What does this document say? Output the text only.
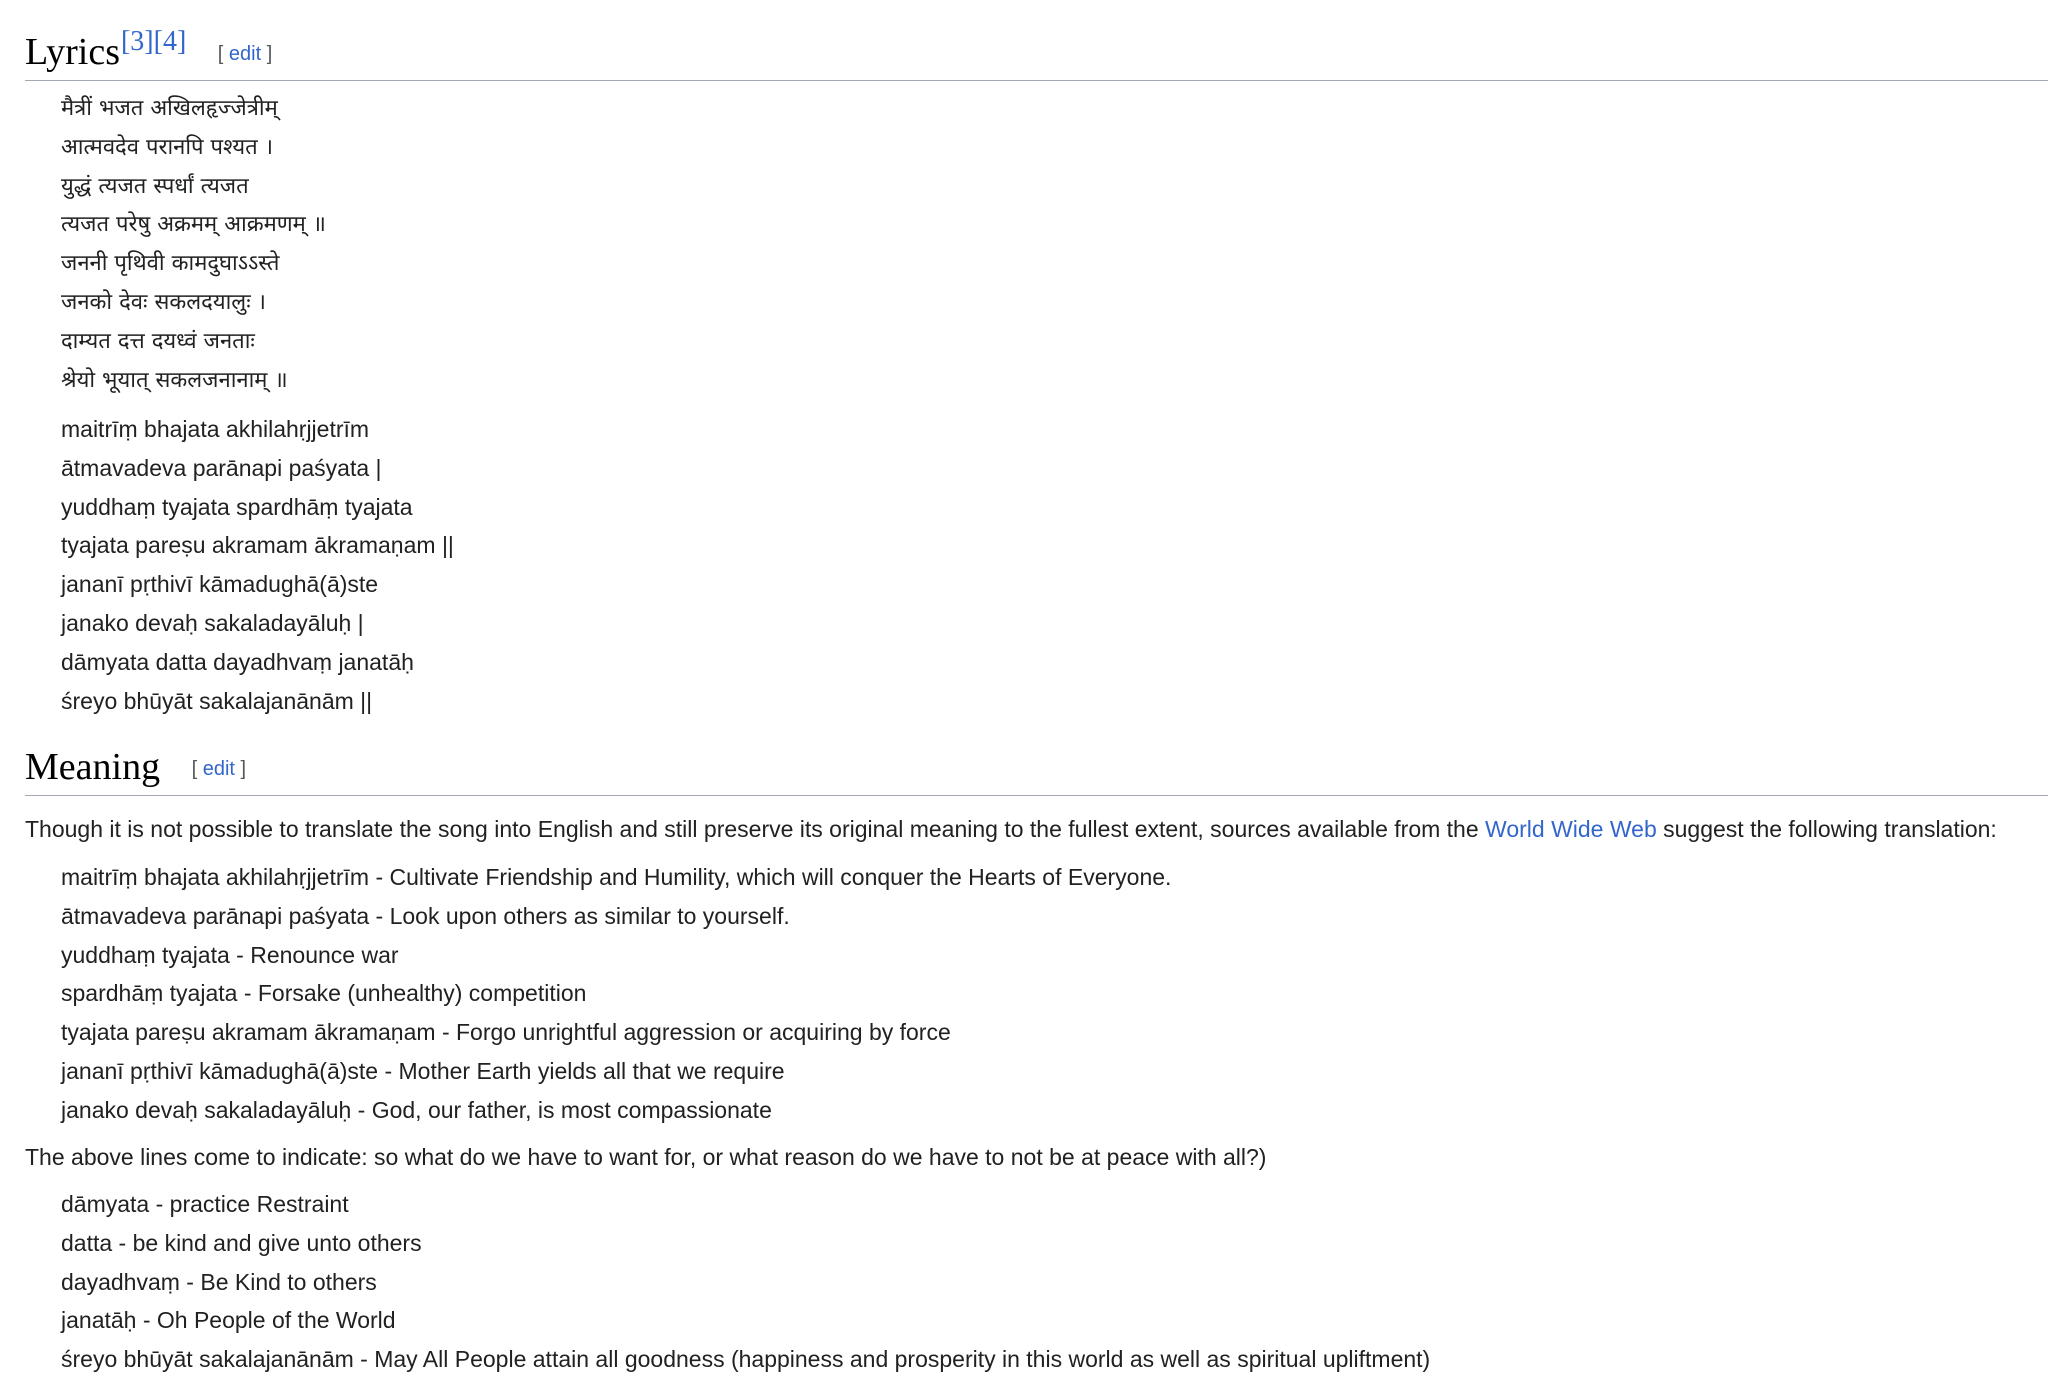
Lyrics[3][4] [ edit ]
मैत्रीं भजत अखिलहृज्जेत्रीम्
आत्मवदेव परानपि पश्यत ।
युद्धं त्यजत स्पर्धां त्यजत
त्यजत परेषु अक्रमम् आक्रमणम् ॥
जननी पृथिवी कामदुघाऽऽस्ते
जनको देवः सकलदयालुः ।
दाम्यत दत्त दयध्वं जनताः
श्रेयो भूयात् सकलजनानाम् ॥
maitrīṃ bhajata akhilahṛjjetrīm
ātmavadeva parānapi paśyata |
yuddhaṃ tyajata spardhāṃ tyajata
tyajata pareṣu akramam ākramaṇam ||
jananī pṛthivī kāmadughā(ā)ste
janako devaḥ sakaladayāluḥ |
dāmyata datta dayadhvaṃ janatāḥ
śreyo bhūyāt sakalajanānām ||
Meaning [ edit ]

Though it is not possible to translate the song into English and still preserve its original meaning to the fullest extent, sources available from the World Wide Web suggest the following translation:

maitrīṃ bhajata akhilahṛjjetrīm - Cultivate Friendship and Humility, which will conquer the Hearts of Everyone.
ātmavadeva parānapi paśyata - Look upon others as similar to yourself.
yuddhaṃ tyajata - Renounce war
spardhāṃ tyajata - Forsake (unhealthy) competition
tyajata pareṣu akramam ākramaṇam - Forgo unrightful aggression or acquiring by force
jananī pṛthivī kāmadughā(ā)ste - Mother Earth yields all that we require
janako devaḥ sakaladayāluḥ - God, our father, is most compassionate

The above lines come to indicate: so what do we have to want for, or what reason do we have to not be at peace with all?)

dāmyata - practice Restraint
datta - be kind and give unto others
dayadhvaṃ - Be Kind to others
janatāḥ - Oh People of the World
śreyo bhūyāt sakalajanānām - May All People attain all goodness (happiness and prosperity in this world as well as spiritual upliftment)
